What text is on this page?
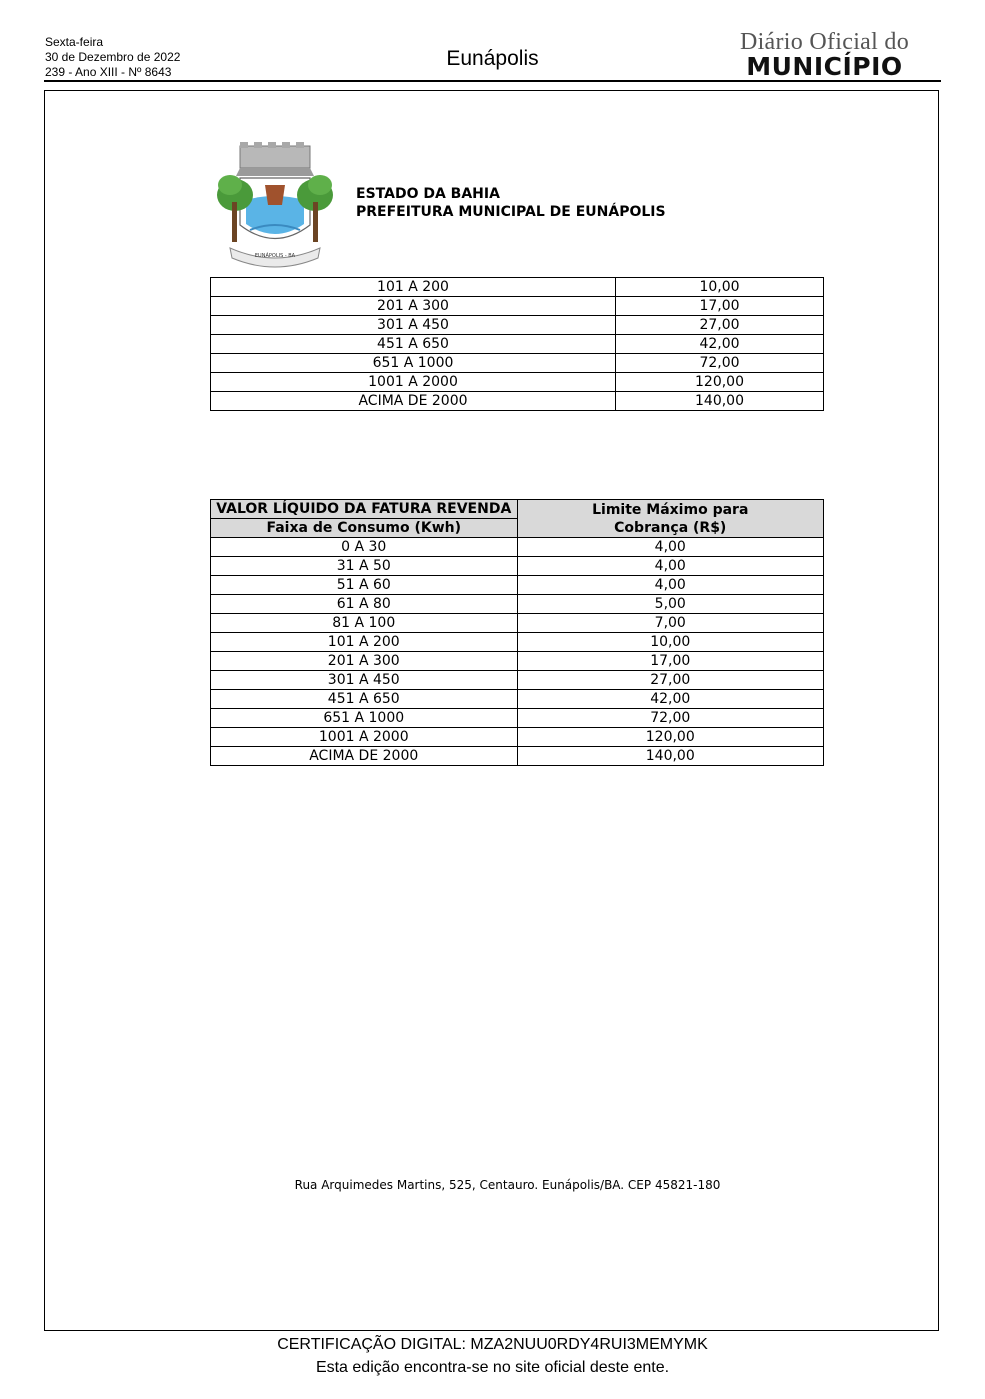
Sexta-feira
30 de Dezembro de 2022
239 - Ano XIII - Nº 8643
Eunápolis
Diário Oficial do
MUNICÍPIO
EUNÁPOLIS - BA
ESTADO DA BAHIA
PREFEITURA MUNICIPAL DE EUNÁPOLIS
101 A 200	10,00
201 A 300	17,00
301 A 450	27,00
451 A 650	42,00
651 A 1000	72,00
1001 A 2000	120,00
ACIMA DE 2000	140,00
VALOR LÍQUIDO DA FATURA REVENDA	Limite Máximo para
Cobrança (R$)

Faixa de Consumo (Kwh)	
0 A 30	4,00
31 A 50	4,00
51 A 60	4,00
61 A 80	5,00
81 A 100	7,00
101 A 200	10,00
201 A 300	17,00
301 A 450	27,00
451 A 650	42,00
651 A 1000	72,00
1001 A 2000	120,00
ACIMA DE 2000	140,00
Rua Arquimedes Martins, 525, Centauro. Eunápolis/BA. CEP 45821-180
CERTIFICAÇÃO DIGITAL: MZA2NUU0RDY4RUI3MEMYMK
Esta edição encontra-se no site oficial deste ente.
